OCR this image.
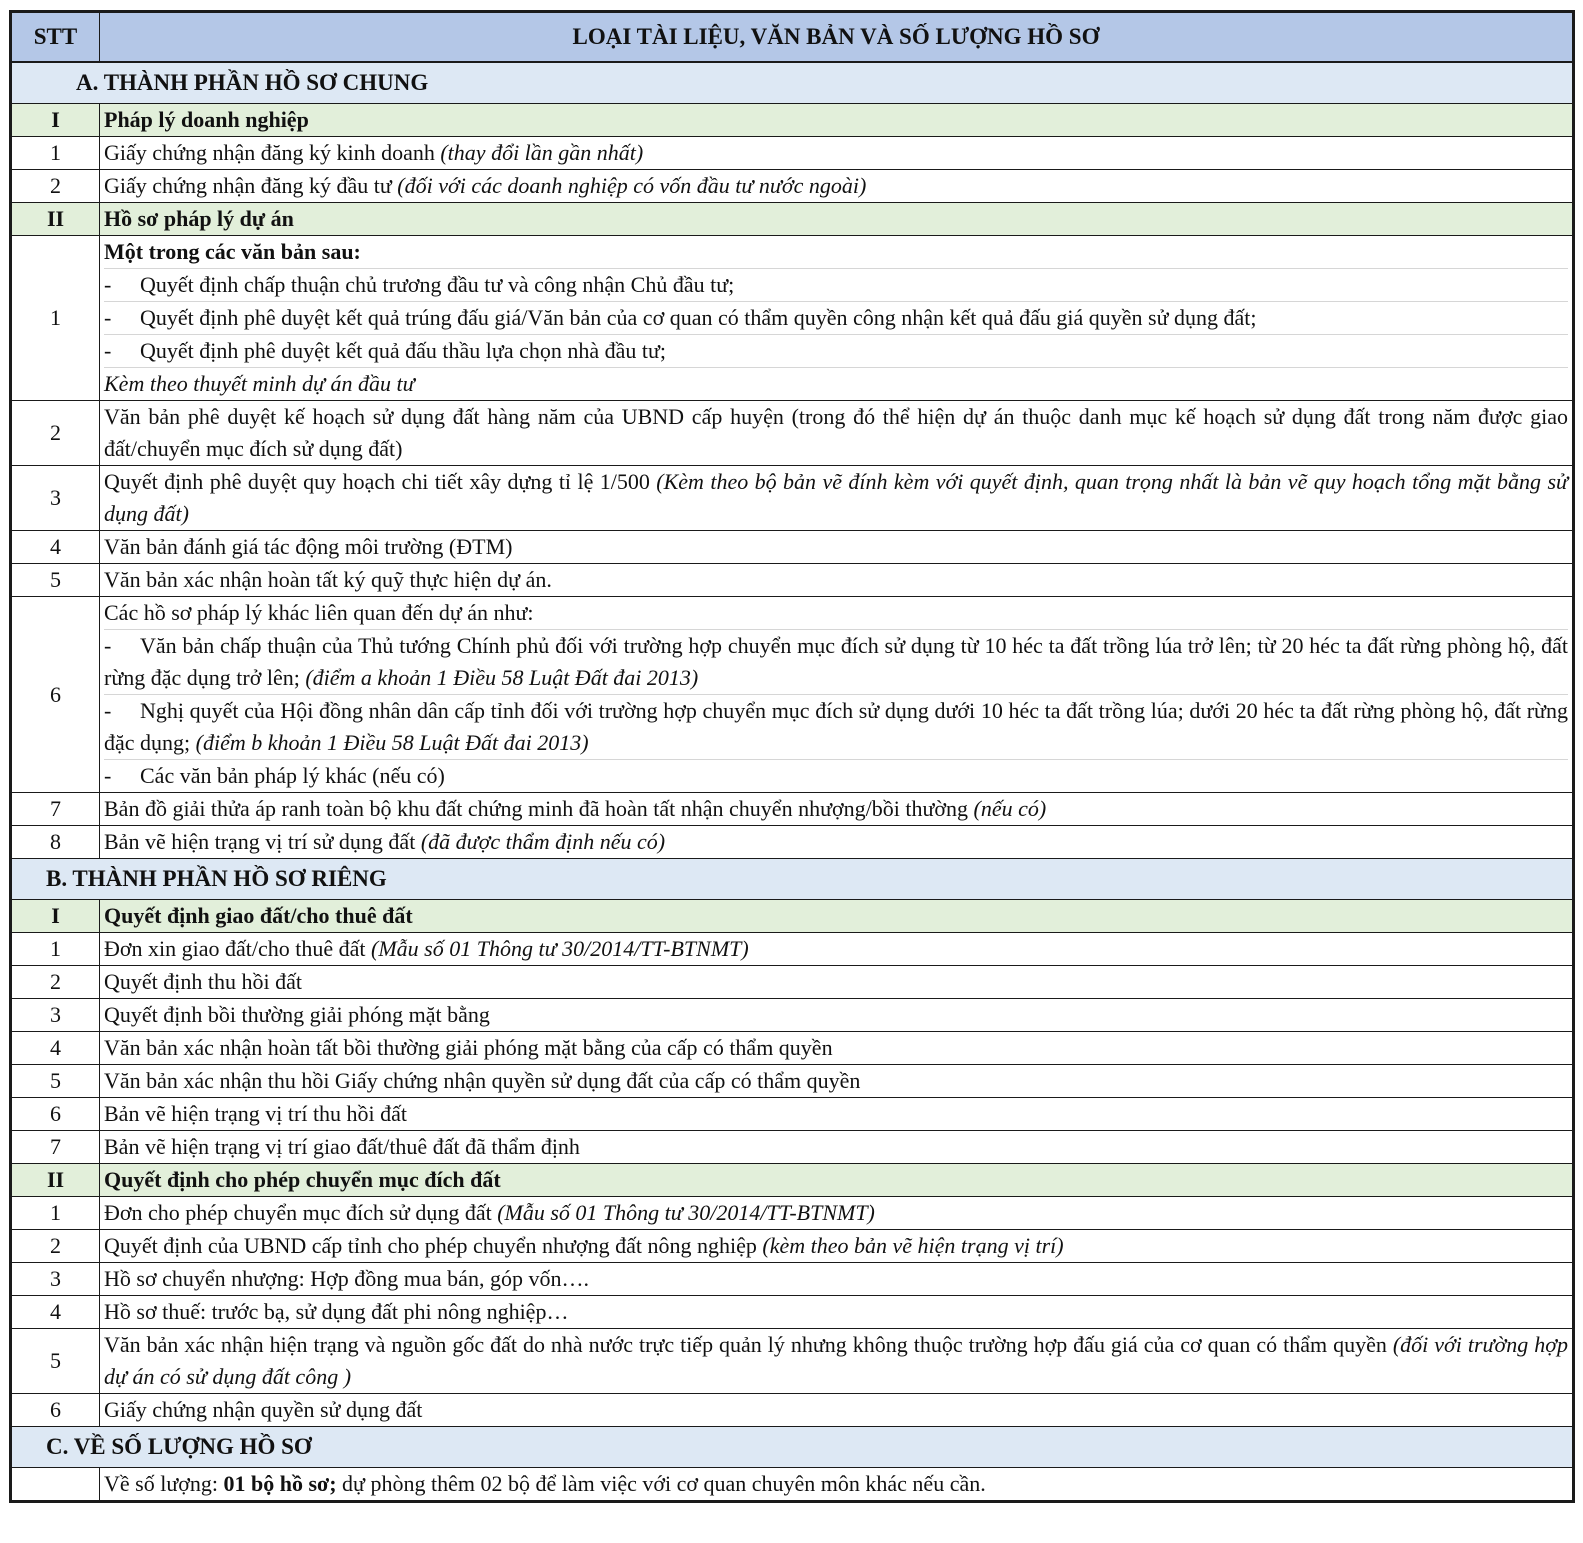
STT	LOẠI TÀI LIỆU, VĂN BẢN VÀ SỐ LƯỢNG HỒ SƠ
A. THÀNH PHẦN HỒ SƠ CHUNG	
I	Pháp lý doanh nghiệp
1	Giấy chứng nhận đăng ký kinh doanh (thay đổi lần gần nhất)
2	Giấy chứng nhận đăng ký đầu tư (đối với các doanh nghiệp có vốn đầu tư nước ngoài)
II	Hồ sơ pháp lý dự án
1	Một trong các văn bản sau:
- Quyết định chấp thuận chủ trương đầu tư và công nhận Chủ đầu tư;
- Quyết định phê duyệt kết quả trúng đấu giá/Văn bản của cơ quan có thẩm quyền công nhận kết quả đấu giá quyền sử dụng đất;
- Quyết định phê duyệt kết quả đấu thầu lựa chọn nhà đầu tư;
Kèm theo thuyết minh dự án đầu tư

2	Văn bản phê duyệt kế hoạch sử dụng đất hàng năm của UBND cấp huyện (trong đó thể hiện dự án thuộc danh mục kế hoạch sử dụng đất trong năm được giao đất/chuyển mục đích sử dụng đất)
3	Quyết định phê duyệt quy hoạch chi tiết xây dựng tỉ lệ 1/500 (Kèm theo bộ bản vẽ đính kèm với quyết định, quan trọng nhất là bản vẽ quy hoạch tổng mặt bằng sử dụng đất)
4	Văn bản đánh giá tác động môi trường (ĐTM)
5	Văn bản xác nhận hoàn tất ký quỹ thực hiện dự án.
6	Các hồ sơ pháp lý khác liên quan đến dự án như:
- Văn bản chấp thuận của Thủ tướng Chính phủ đối với trường hợp chuyển mục đích sử dụng từ 10 héc ta đất trồng lúa trở lên; từ 20 héc ta đất rừng phòng hộ, đất rừng đặc dụng trở lên; (điểm a khoản 1 Điều 58 Luật Đất đai 2013)
- Nghị quyết của Hội đồng nhân dân cấp tỉnh đối với trường hợp chuyển mục đích sử dụng dưới 10 héc ta đất trồng lúa; dưới 20 héc ta đất rừng phòng hộ, đất rừng đặc dụng; (điểm b khoản 1 Điều 58 Luật Đất đai 2013)
- Các văn bản pháp lý khác (nếu có)

7	Bản đồ giải thửa áp ranh toàn bộ khu đất chứng minh đã hoàn tất nhận chuyển nhượng/bồi thường (nếu có)
8	Bản vẽ hiện trạng vị trí sử dụng đất (đã được thẩm định nếu có)
B. THÀNH PHẦN HỒ SƠ RIÊNG	
I	Quyết định giao đất/cho thuê đất
1	Đơn xin giao đất/cho thuê đất (Mẫu số 01 Thông tư 30/2014/TT-BTNMT)
2	Quyết định thu hồi đất
3	Quyết định bồi thường giải phóng mặt bằng
4	Văn bản xác nhận hoàn tất bồi thường giải phóng mặt bằng của cấp có thẩm quyền
5	Văn bản xác nhận thu hồi Giấy chứng nhận quyền sử dụng đất của cấp có thẩm quyền
6	Bản vẽ hiện trạng vị trí thu hồi đất
7	Bản vẽ hiện trạng vị trí giao đất/thuê đất đã thẩm định
II	Quyết định cho phép chuyển mục đích đất
1	Đơn cho phép chuyển mục đích sử dụng đất (Mẫu số 01 Thông tư 30/2014/TT-BTNMT)
2	Quyết định của UBND cấp tỉnh cho phép chuyển nhượng đất nông nghiệp (kèm theo bản vẽ hiện trạng vị trí)
3	Hồ sơ chuyển nhượng: Hợp đồng mua bán, góp vốn….
4	Hồ sơ thuế: trước bạ, sử dụng đất phi nông nghiệp…
5	Văn bản xác nhận hiện trạng và nguồn gốc đất do nhà nước trực tiếp quản lý nhưng không thuộc trường hợp đấu giá của cơ quan có thẩm quyền (đối với trường hợp dự án có sử dụng đất công )
6	Giấy chứng nhận quyền sử dụng đất
C. VỀ SỐ LƯỢNG HỒ SƠ	
	Về số lượng: 01 bộ hồ sơ; dự phòng thêm 02 bộ để làm việc với cơ quan chuyên môn khác nếu cần.
